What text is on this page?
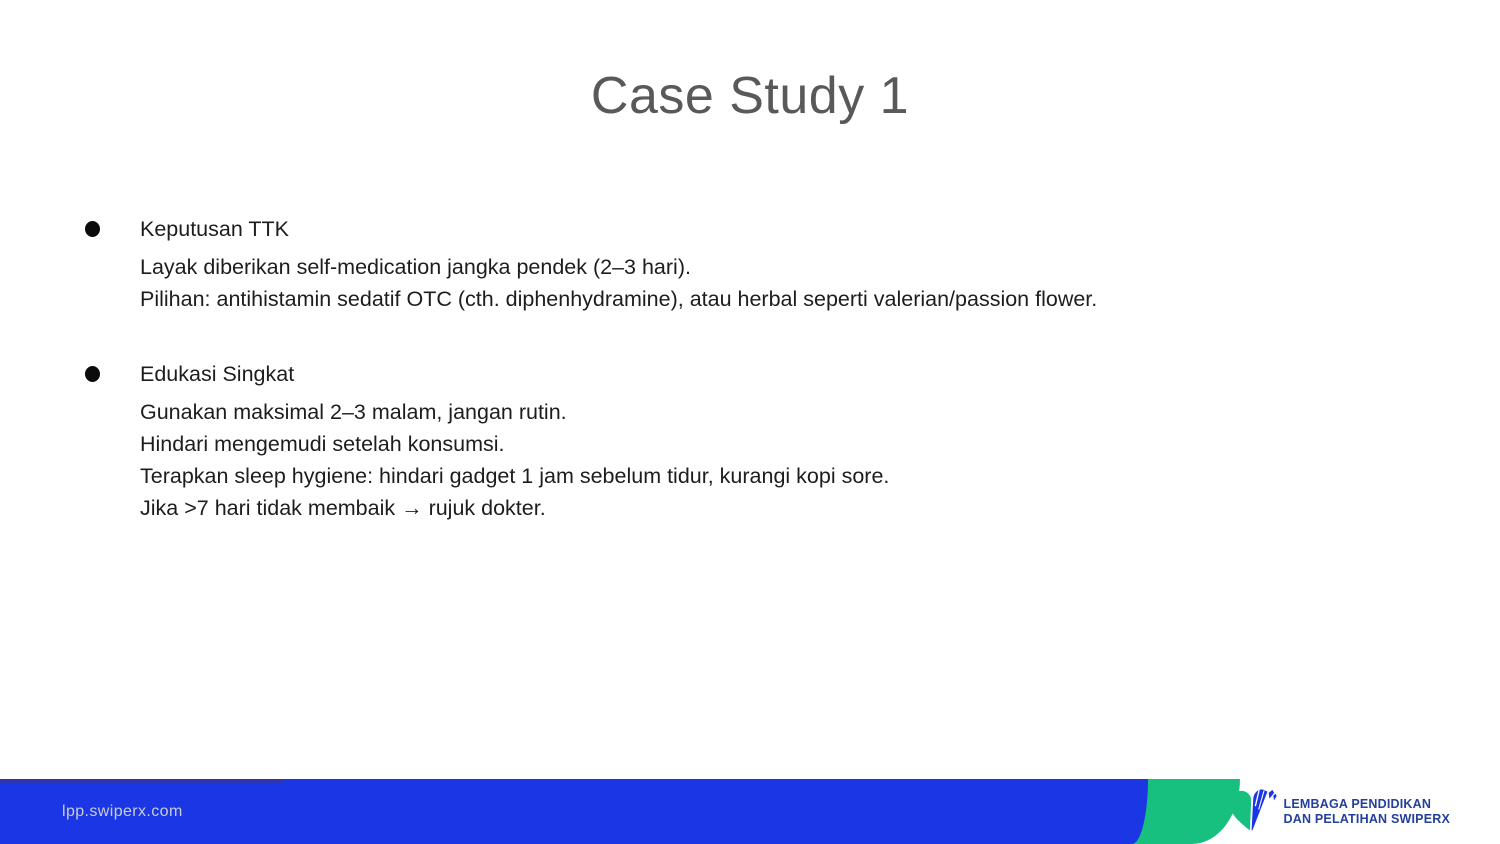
Case Study 1
Keputusan TTK
Layak diberikan self-medication jangka pendek (2–3 hari).
Pilihan: antihistamin sedatif OTC (cth. diphenhydramine), atau herbal seperti valerian/passion flower.
Edukasi Singkat
Gunakan maksimal 2–3 malam, jangan rutin.
Hindari mengemudi setelah konsumsi.
Terapkan sleep hygiene: hindari gadget 1 jam sebelum tidur, kurangi kopi sore.
Jika >7 hari tidak membaik → rujuk dokter.
lpp.swiperx.com	LEMBAGA PENDIDIKAN
DAN PELATIHAN SWIPERX
